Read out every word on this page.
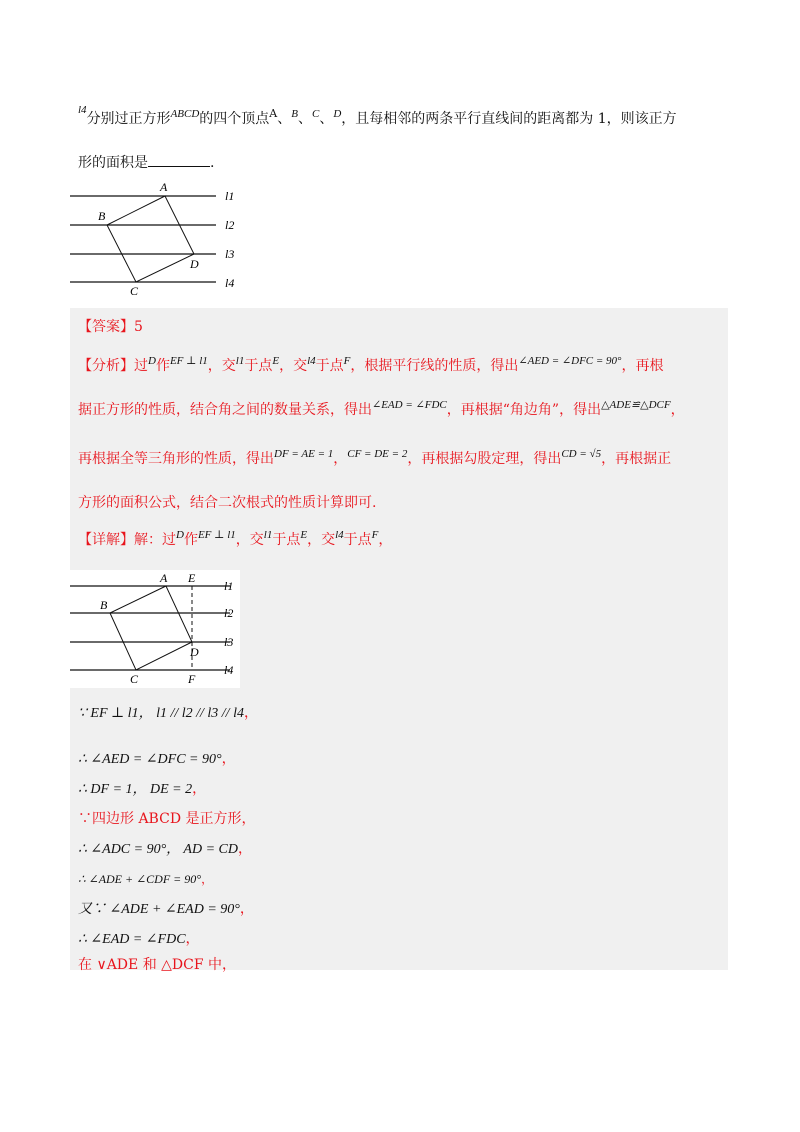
$^{l4}$分别过正方形$^{ABCD}$的四个顶点$^A$、$^B$、$^C$、$^D$，且每相邻的两条平行直线间的距离都为 1，则该正方
形的面积是	.
A
B
C
D
l1
l2
l3
l4
【答案】5
【分析】过$^D$作$^{EF \perp l1}$，交$^{l1}$于点$^E$，交$^{l4}$于点$^F$，根据平行线的性质，得出$^{\angle AED = \angle DFC = 90^\circ}$，再根
据正方形的性质，结合角之间的数量关系，得出$^{\angle EAD = \angle FDC}$，再根据“角边角”，得出$^{\triangle ADE≌\triangle DCF}$，
再根据全等三角形的性质，得出$^{DF = AE = 1}$，$^{CF = DE = 2}$，再根据勾股定理，得出$^{CD = √5}$，再根据正
方形的面积公式，结合二次根式的性质计算即可.
【详解】解：过$^D$作$^{EF \perp l1}$，交$^{l1}$于点$^E$，交$^{l4}$于点$^F$，
A E
B
D
C	F
l1
l2
l3
l4
∵ EF ⊥ l1， l1 // l2 // l3 // l4，
∴ ∠AED = ∠DFC = 90°，
∴ DF = 1， DE = 2，
∵四边形 ABCD 是正方形，
∴ ∠ADC = 90°， AD = CD，
∴ ∠ADE + ∠CDF = 90°，
又∵ ∠ADE + ∠EAD = 90°，
∴ ∠EAD = ∠FDC，
在 ∨ADE 和 △DCF 中，
